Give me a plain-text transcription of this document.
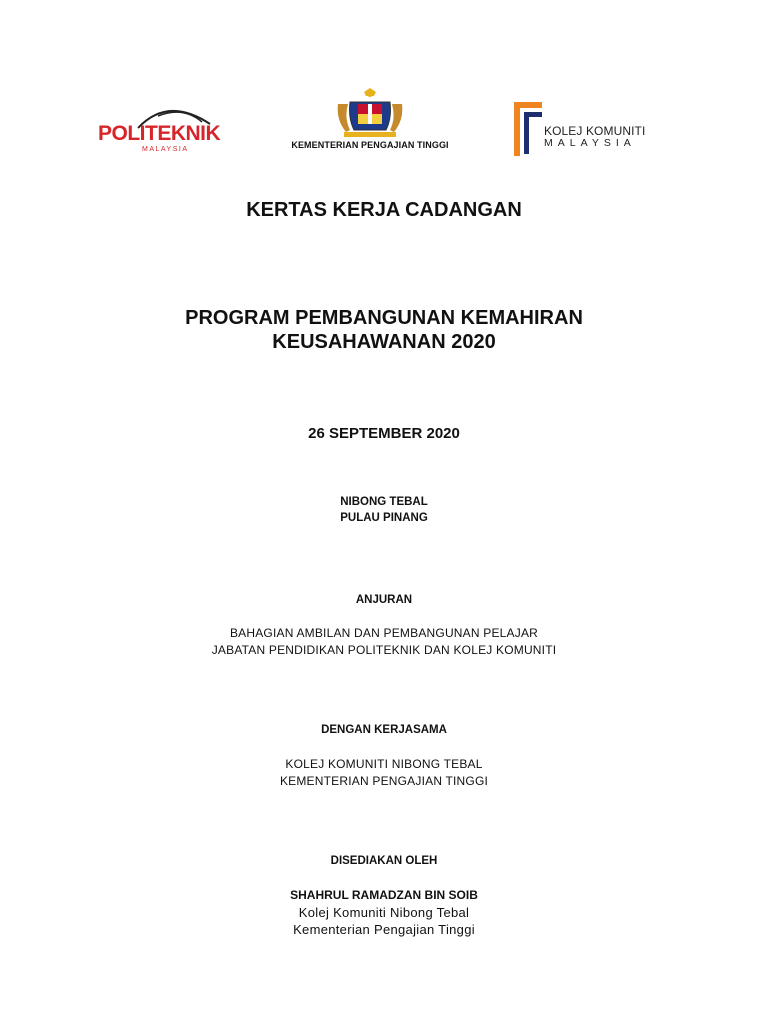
POLITEKNIK
MALAYSIA	KEMENTERIAN PENGAJIAN TINGGI
KOLEJ KOMUNITI
MALAYSIA
KERTAS KERJA CADANGAN
PROGRAM PEMBANGUNAN KEMAHIRAN
KEUSAHAWANAN 2020
26 SEPTEMBER 2020
NIBONG TEBAL
PULAU PINANG
ANJURAN
BAHAGIAN AMBILAN DAN PEMBANGUNAN PELAJAR
JABATAN PENDIDIKAN POLITEKNIK DAN KOLEJ KOMUNITI
DENGAN KERJASAMA
KOLEJ KOMUNITI NIBONG TEBAL
KEMENTERIAN PENGAJIAN TINGGI
DISEDIAKAN OLEH
SHAHRUL RAMADZAN BIN SOIB
Kolej Komuniti Nibong Tebal
Kementerian Pengajian Tinggi
